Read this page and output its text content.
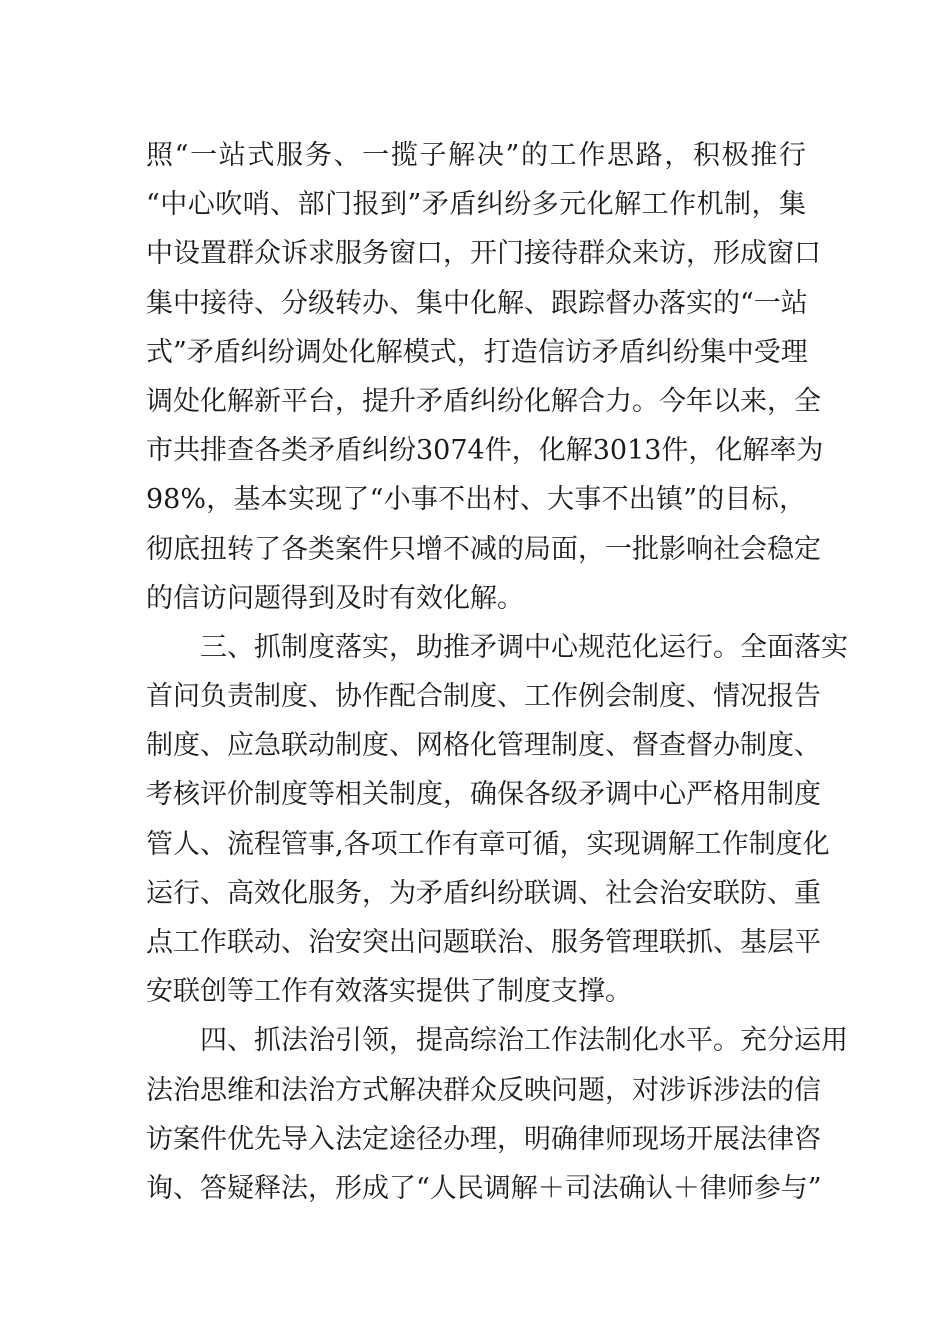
照“一站式服务、一揽子解决”的工作思路，积极推行
“中心吹哨、部门报到”矛盾纠纷多元化解工作机制，集
中设置群众诉求服务窗口，开门接待群众来访，形成窗口
集中接待、分级转办、集中化解、跟踪督办落实的“一站
式”矛盾纠纷调处化解模式，打造信访矛盾纠纷集中受理
调处化解新平台，提升矛盾纠纷化解合力。今年以来，全
市共排查各类矛盾纠纷3074件，化解3013件，化解率为
98%，基本实现了“小事不出村、大事不出镇”的目标，
彻底扭转了各类案件只增不减的局面，一批影响社会稳定
的信访问题得到及时有效化解。
　　三、抓制度落实，助推矛调中心规范化运行。全面落实
首问负责制度、协作配合制度、工作例会制度、情况报告
制度、应急联动制度、网格化管理制度、督查督办制度、
考核评价制度等相关制度，确保各级矛调中心严格用制度
管人、流程管事,各项工作有章可循，实现调解工作制度化
运行、高效化服务，为矛盾纠纷联调、社会治安联防、重
点工作联动、治安突出问题联治、服务管理联抓、基层平
安联创等工作有效落实提供了制度支撑。
　　四、抓法治引领，提高综治工作法制化水平。充分运用
法治思维和法治方式解决群众反映问题，对涉诉涉法的信
访案件优先导入法定途径办理，明确律师现场开展法律咨
询、答疑释法，形成了“人民调解＋司法确认＋律师参与”
